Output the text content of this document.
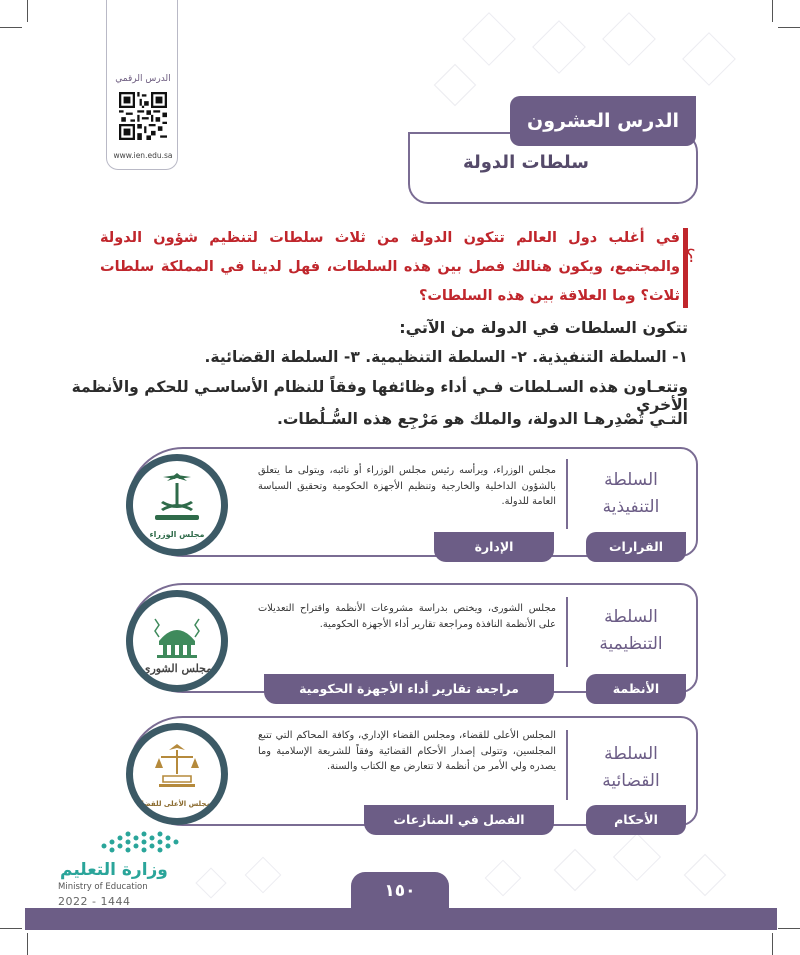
الدرس الرقمي
www.ien.edu.sa
الدرس العشرون
سلطات الدولة
؟
في أغلب دول العالم تتكون الدولة من ثلاث سلطات لتنظيم شؤون الدولة والمجتمع، ويكون هنالك فصل بين هذه السلطات، فهل لدينا في المملكة سلطات ثلاث؟ وما العلاقة بين هذه السلطات؟
تتكون السلطات في الدولة من الآتي:
١- السلطة التنفيذية. ٢- السلطة التنظيمية. ٣- السلطة القضائية.
وتتعـاون هذه السـلطات فـي أداء وظائفها وفقاً للنظام الأساسـي للحكم والأنظمة الأخرى
التـي تُصْدِرهـا الدولة، والملك هو مَرْجِع هذه السُّـلُطات.
مجلس الوزراء
السلطة التنفيذية
مجلس الوزراء، ويرأسه رئيس مجلس الوزراء أو نائبه، ويتولى ما يتعلق بالشؤون الداخلية والخارجية وتنظيم الأجهزة الحكومية وتحقيق السياسة العامة للدولة.
الإدارة	القرارات
مجلس الشورى
السلطة التنظيمية
مجلس الشورى، ويختص بدراسة مشروعات الأنظمة واقتراح التعديلات على الأنظمة النافذة ومراجعة تقارير أداء الأجهزة الحكومية.
مراجعة تقارير أداء الأجهزة الحكومية	الأنظمة
المجلس الأعلى للقضاء
السلطة القضائية
المجلس الأعلى للقضاء، ومجلس القضاء الإداري، وكافة المحاكم التي تتبع المجلسين، وتتولى إصدار الأحكام القضائية وفقاً للشريعة الإسلامية وما يصدره ولي الأمر من أنظمة لا تتعارض مع الكتاب والسنة.
الفصل في المنازعات	الأحكام
وزارة التعليم
Ministry of Education
2022 - 1444
١٥٠
